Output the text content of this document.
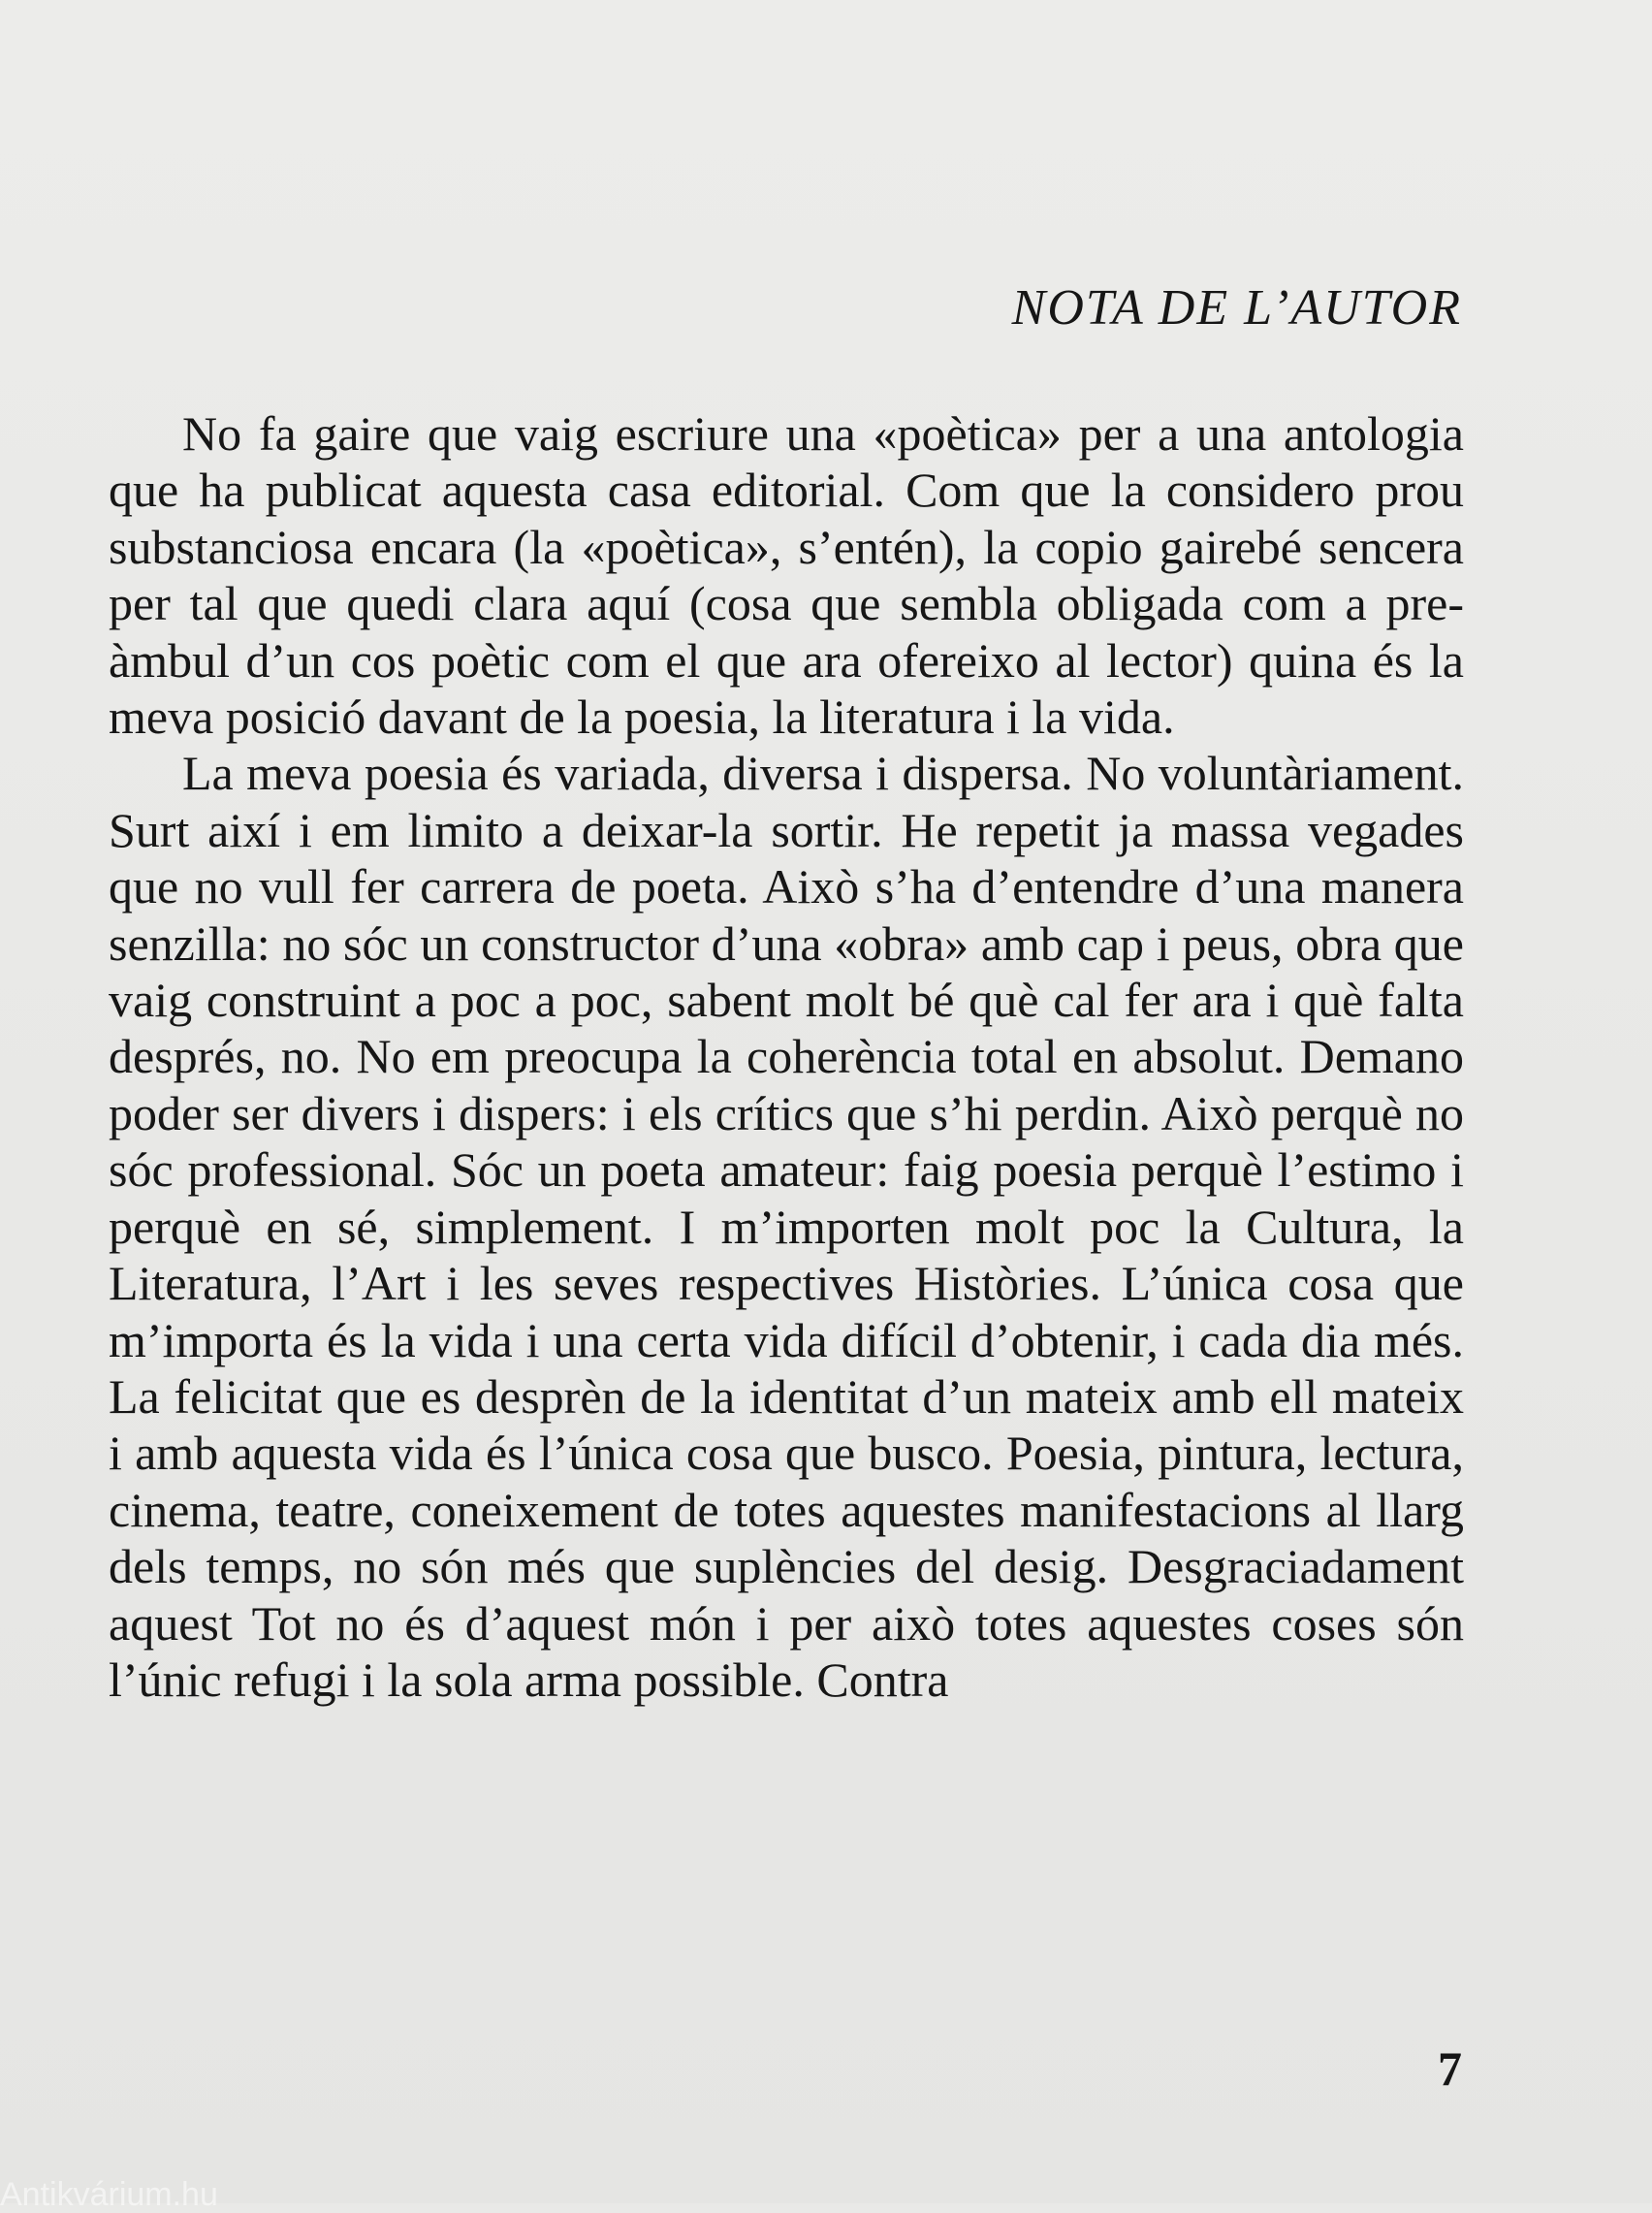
NOTA DE L’AUTOR

No fa gaire que vaig escriure una «poètica» per a una antologia que ha publicat aquesta casa editorial. Com que la considero prou substanciosa encara (la «poètica», s’entén), la copio gairebé sencera per tal que quedi clara aquí (cosa que sembla obligada com a preàmbul d’un cos poètic com el que ara ofereixo al lector) quina és la meva posició davant de la poesia, la literatura i la vida.

La meva poesia és variada, diversa i dispersa. No voluntàriament. Surt així i em limito a deixar-la sortir. He repetit ja massa vegades que no vull fer carrera de poeta. Això s’ha d’entendre d’una manera senzilla: no sóc un constructor d’una «obra» amb cap i peus, obra que vaig construint a poc a poc, sabent molt bé què cal fer ara i què falta després, no. No em preocupa la coherència total en absolut. Demano poder ser divers i dispers: i els crítics que s’hi perdin. Això perquè no sóc professional. Sóc un poeta amateur: faig poesia perquè l’estimo i perquè en sé, simplement. I m’importen molt poc la Cultura, la Literatura, l’Art i les seves respectives Històries. L’única cosa que m’importa és la vida i una certa vida difícil d’obtenir, i cada dia més. La felicitat que es desprèn de la identitat d’un mateix amb ell mateix i amb aquesta vida és l’única cosa que busco. Poesia, pintura, lectura, cinema, teatre, coneixement de totes aquestes manifestacions al llarg dels temps, no són més que suplències del desig. Desgraciadament aquest Tot no és d’aquest món i per això totes aquestes coses són l’únic refugi i la sola arma possible. Contra

7
Antikvárium.hu
